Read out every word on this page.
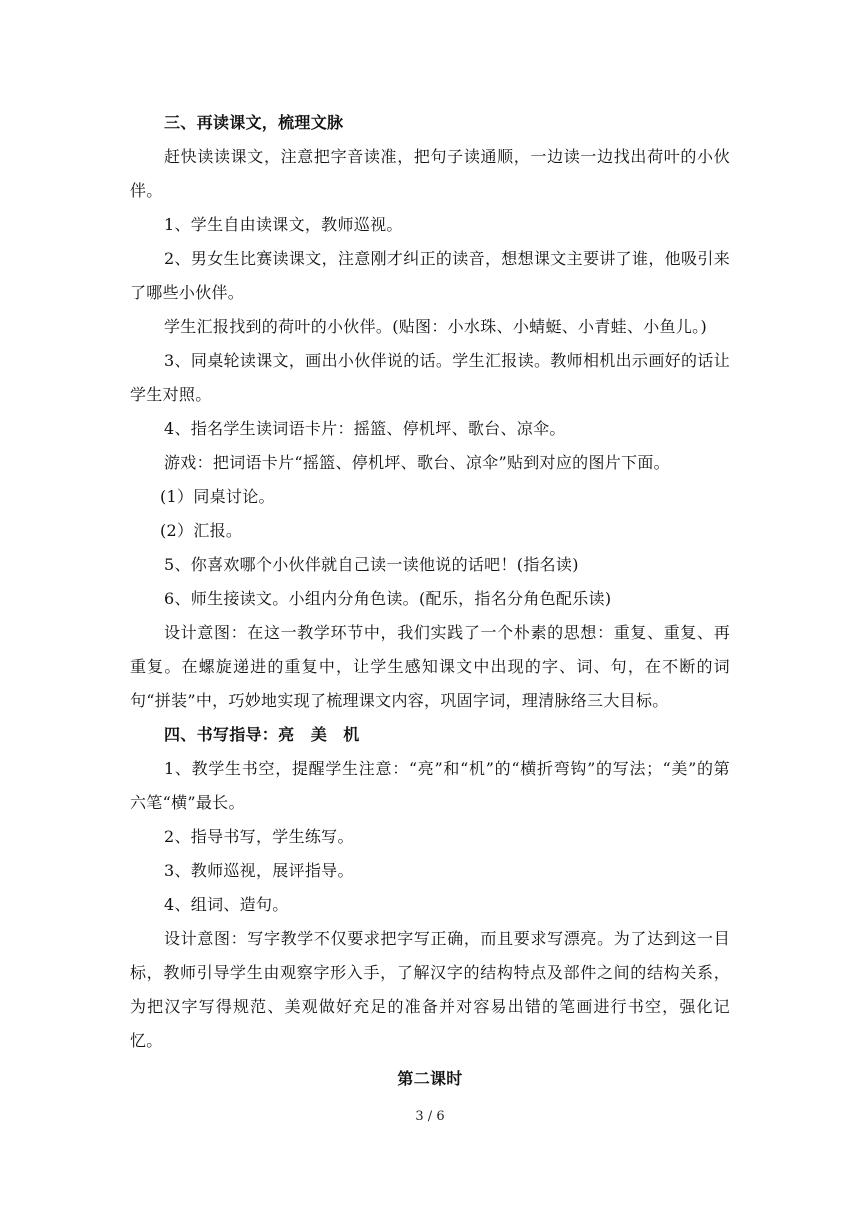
三、再读课文，梳理文脉

赶快读读课文，注意把字音读准，把句子读通顺，一边读一边找出荷叶的小伙伴。

1、学生自由读课文，教师巡视。

2、男女生比赛读课文，注意刚才纠正的读音，想想课文主要讲了谁，他吸引来了哪些小伙伴。

学生汇报找到的荷叶的小伙伴。(贴图：小水珠、小蜻蜓、小青蛙、小鱼儿。)

3、同桌轮读课文，画出小伙伴说的话。学生汇报读。教师相机出示画好的话让学生对照。

4、指名学生读词语卡片：摇篮、停机坪、歌台、凉伞。

游戏：把词语卡片“摇篮、停机坪、歌台、凉伞”贴到对应的图片下面。

(1）同桌讨论。

(2）汇报。

5、你喜欢哪个小伙伴就自己读一读他说的话吧！(指名读)

6、师生接读文。小组内分角色读。(配乐，指名分角色配乐读)

设计意图：在这一教学环节中，我们实践了一个朴素的思想：重复、重复、再重复。在螺旋递进的重复中，让学生感知课文中出现的字、词、句，在不断的词句“拼装”中，巧妙地实现了梳理课文内容，巩固字词，理清脉络三大目标。

四、书写指导：亮　美　机

1、教学生书空，提醒学生注意：“亮”和“机”的“横折弯钩”的写法；“美”的第六笔“横”最长。

2、指导书写，学生练写。

3、教师巡视，展评指导。

4、组词、造句。

设计意图：写字教学不仅要求把字写正确，而且要求写漂亮。为了达到这一目标，教师引导学生由观察字形入手，了解汉字的结构特点及部件之间的结构关系，为把汉字写得规范、美观做好充足的准备并对容易出错的笔画进行书空，强化记忆。

第二课时

3 / 6
